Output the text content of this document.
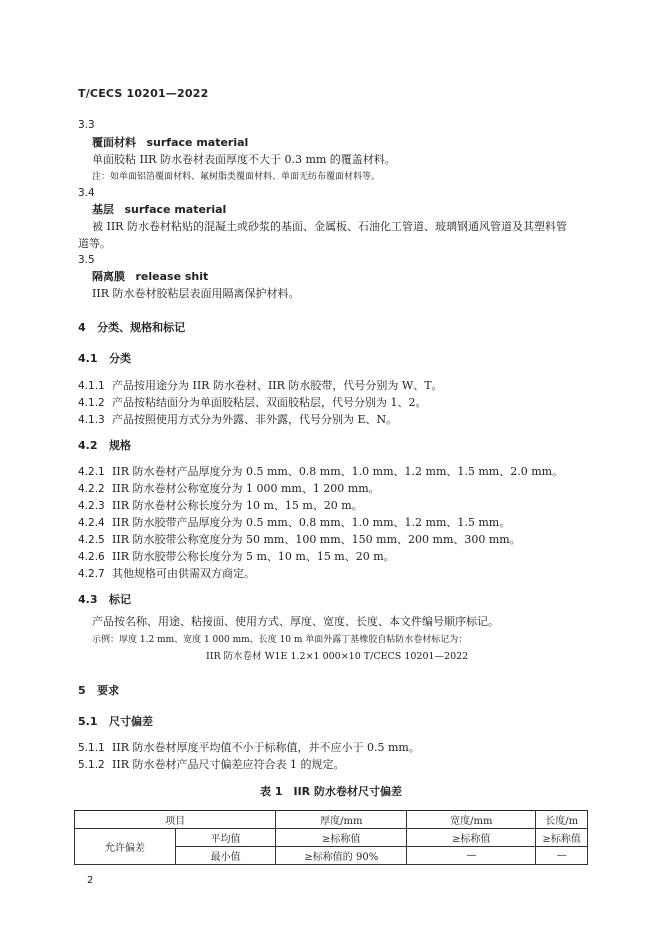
T/CECS 10201—2022
3.3
覆面材料 surface material
单面胶粘 IIR 防水卷材表面厚度不大于 0.3 mm 的覆盖材料。
注：如单面铝箔覆面材料、氟树脂类覆面材料、单面无纺布覆面材料等。
3.4
基层 surface material
被 IIR 防水卷材粘贴的混凝土或砂浆的基面、金属板、石油化工管道、玻璃钢通风管道及其塑料管
道等。
3.5
隔离膜 release shit
IIR 防水卷材胶粘层表面用隔离保护材料。
4 分类、规格和标记
4.1 分类
4.1.1 产品按用途分为 IIR 防水卷材、IIR 防水胶带，代号分别为 W、T。
4.1.2 产品按粘结面分为单面胶粘层、双面胶粘层，代号分别为 1、2。
4.1.3 产品按照使用方式分为外露、非外露，代号分别为 E、N。
4.2 规格
4.2.1 IIR 防水卷材产品厚度分为 0.5 mm、0.8 mm、1.0 mm、1.2 mm、1.5 mm、2.0 mm。
4.2.2 IIR 防水卷材公称宽度分为 1 000 mm、1 200 mm。
4.2.3 IIR 防水卷材公称长度分为 10 m、15 m、20 m。
4.2.4 IIR 防水胶带产品厚度分为 0.5 mm、0.8 mm、1.0 mm、1.2 mm、1.5 mm。
4.2.5 IIR 防水胶带公称宽度分为 50 mm、100 mm、150 mm、200 mm、300 mm。
4.2.6 IIR 防水胶带公称长度分为 5 m、10 m、15 m、20 m。
4.2.7 其他规格可由供需双方商定。
4.3 标记
产品按名称、用途、粘接面、使用方式、厚度、宽度、长度、本文件编号顺序标记。
示例：厚度 1.2 mm、宽度 1 000 mm、长度 10 m 单面外露丁基橡胶自粘防水卷材标记为：
IIR 防水卷材 W1E 1.2×1 000×10 T/CECS 10201—2022
5 要求
5.1 尺寸偏差
5.1.1 IIR 防水卷材厚度平均值不小于标称值，并不应小于 0.5 mm。
5.1.2 IIR 防水卷材产品尺寸偏差应符合表 1 的规定。
表 1　IIR 防水卷材尺寸偏差
项目		厚度/mm	宽度/mm	长度/m
允许偏差	平均值	≥标称值	≥标称值	≥标称值
	最小值	≥标称值的 90%	—	—
2
